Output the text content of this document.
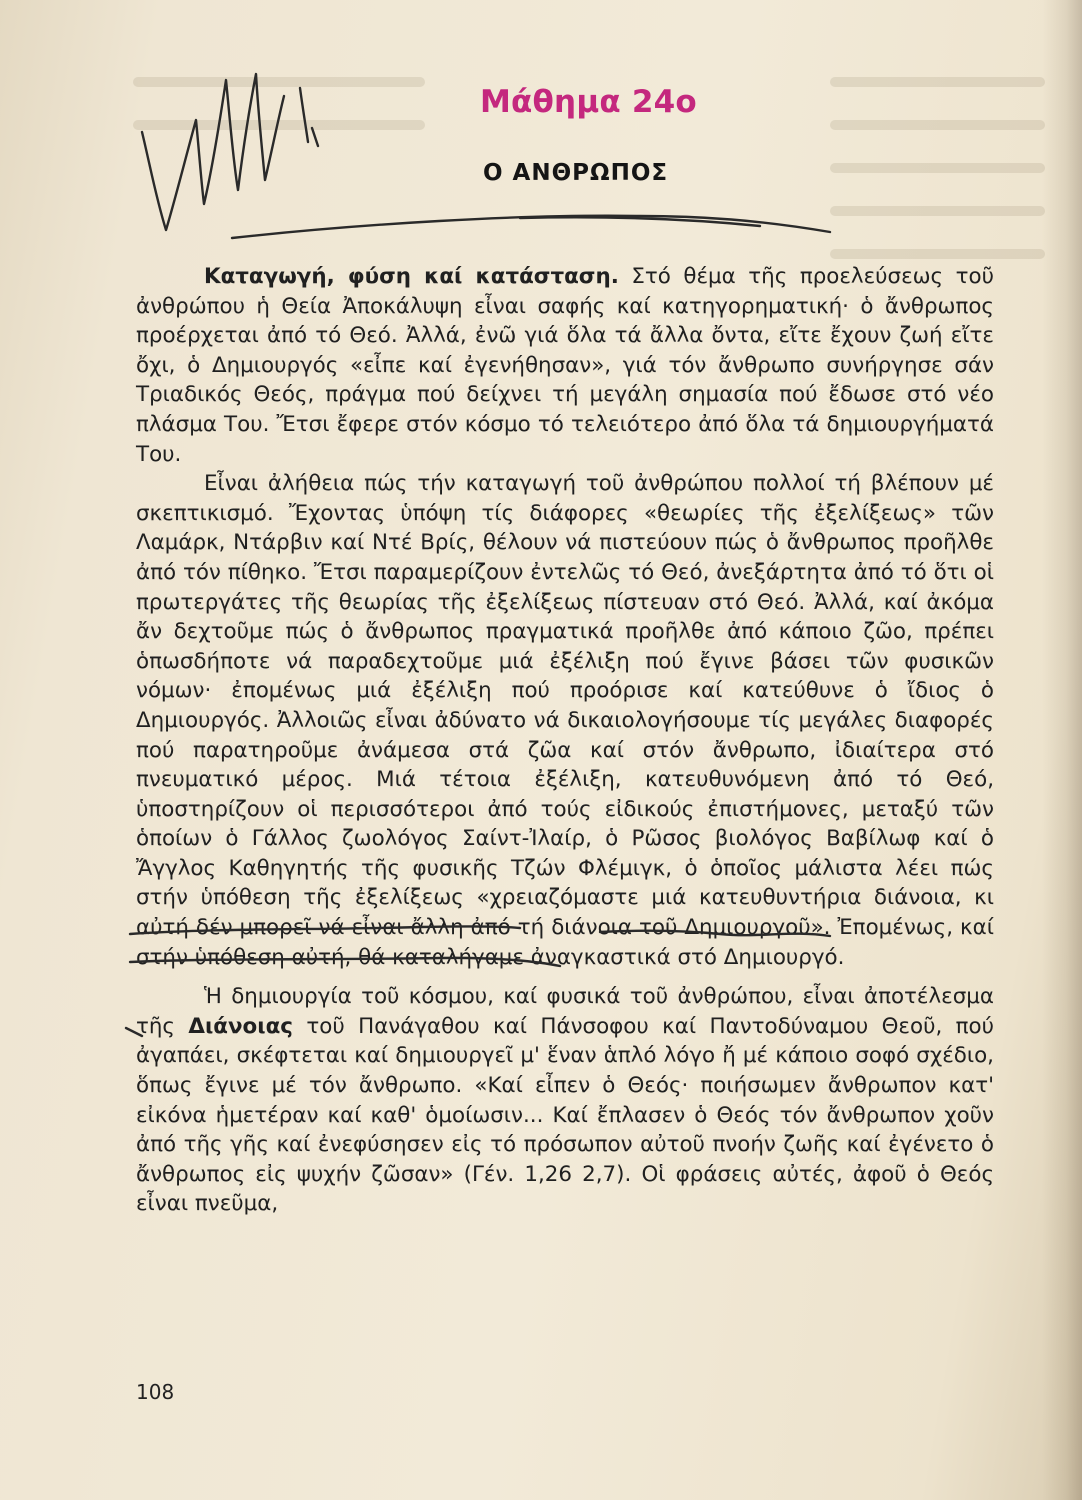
Μάθημα 24ο
Ο ΑΝΘΡΩΠΟΣ

Καταγωγή, φύση καί κατάσταση. Στό θέμα τῆς προελεύσεως τοῦ ἀνθρώπου ἡ Θεία Ἀποκάλυψη εἶναι σαφής καί κατηγορηματική· ὁ ἄνθρωπος προέρχεται ἀπό τό Θεό. Ἀλλά, ἐνῶ γιά ὅλα τά ἄλλα ὄντα, εἴτε ἔχουν ζωή εἴτε ὄχι, ὁ Δημιουργός «εἶπε καί ἐγενήθησαν», γιά τόν ἄνθρωπο συνήργησε σάν Τριαδικός Θεός, πράγμα πού δείχνει τή μεγάλη σημασία πού ἔδωσε στό νέο πλάσμα Του. Ἔτσι ἔφερε στόν κόσμο τό τελειότερο ἀπό ὅλα τά δημιουργήματά Του.

Εἶναι ἀλήθεια πώς τήν καταγωγή τοῦ ἀνθρώπου πολλοί τή βλέπουν μέ σκεπτικισμό. Ἔχοντας ὑπόψη τίς διάφορες «θεωρίες τῆς ἐξελίξεως» τῶν Λαμάρκ, Ντάρβιν καί Ντέ Βρίς, θέλουν νά πιστεύουν πώς ὁ ἄνθρωπος προῆλθε ἀπό τόν πίθηκο. Ἔτσι παραμερίζουν ἐντελῶς τό Θεό, ἀνεξάρτητα ἀπό τό ὅτι οἱ πρωτεργάτες τῆς θεωρίας τῆς ἐξελίξεως πίστευαν στό Θεό. Ἀλλά, καί ἀκόμα ἄν δεχτοῦμε πώς ὁ ἄνθρωπος πραγματικά προῆλθε ἀπό κάποιο ζῶο, πρέπει ὁπωσδήποτε νά παραδεχτοῦμε μιά ἐξέλιξη πού ἔγινε βάσει τῶν φυσικῶν νόμων· ἐπομένως μιά ἐξέλιξη πού προόρισε καί κατεύθυνε ὁ ἴδιος ὁ Δημιουργός. Ἀλλοιῶς εἶναι ἀδύνατο νά δικαιολογήσουμε τίς μεγάλες διαφορές πού παρατηροῦμε ἀνάμεσα στά ζῶα καί στόν ἄνθρωπο, ἰδιαίτερα στό πνευματικό μέρος. Μιά τέτοια ἐξέλιξη, κατευθυνόμενη ἀπό τό Θεό, ὑποστηρίζουν οἱ περισσότεροι ἀπό τούς εἰδικούς ἐπιστήμονες, μεταξύ τῶν ὁποίων ὁ Γάλλος ζωολόγος Σαίντ-Ἰλαίρ, ὁ Ρῶσος βιολόγος Βαβίλωφ καί ὁ Ἄγγλος Καθηγητής τῆς φυσικῆς Τζών Φλέμιγκ, ὁ ὁποῖος μάλιστα λέει πώς στήν ὑπόθεση τῆς ἐξελίξεως «χρειαζόμαστε μιά κατευθυντήρια διάνοια, κι αὐτή δέν μπορεῖ νά εἶναι ἄλλη ἀπό τή διάνοια τοῦ Δημιουργοῦ». Ἐπομένως, καί στήν ὑπόθεση αὐτή, θά καταλήγαμε ἀναγκαστικά στό Δημιουργό.

Ἡ δημιουργία τοῦ κόσμου, καί φυσικά τοῦ ἀνθρώπου, εἶναι ἀποτέλεσμα τῆς Διάνοιας τοῦ Πανάγαθου καί Πάνσοφου καί Παντοδύναμου Θεοῦ, πού ἀγαπάει, σκέφτεται καί δημιουργεῖ μ' ἕναν ἁπλό λόγο ἤ μέ κάποιο σοφό σχέδιο, ὅπως ἔγινε μέ τόν ἄνθρωπο. «Καί εἶπεν ὁ Θεός· ποιήσωμεν ἄνθρωπον κατ' εἰκόνα ἡμετέραν καί καθ' ὁμοίωσιν... Καί ἔπλασεν ὁ Θεός τόν ἄνθρωπον χοῦν ἀπό τῆς γῆς καί ἐνεφύσησεν εἰς τό πρόσωπον αὐτοῦ πνοήν ζωῆς καί ἐγένετο ὁ ἄνθρωπος εἰς ψυχήν ζῶσαν» (Γέν. 1,26 2,7). Οἱ φράσεις αὐτές, ἀφοῦ ὁ Θεός εἶναι πνεῦμα,

108
